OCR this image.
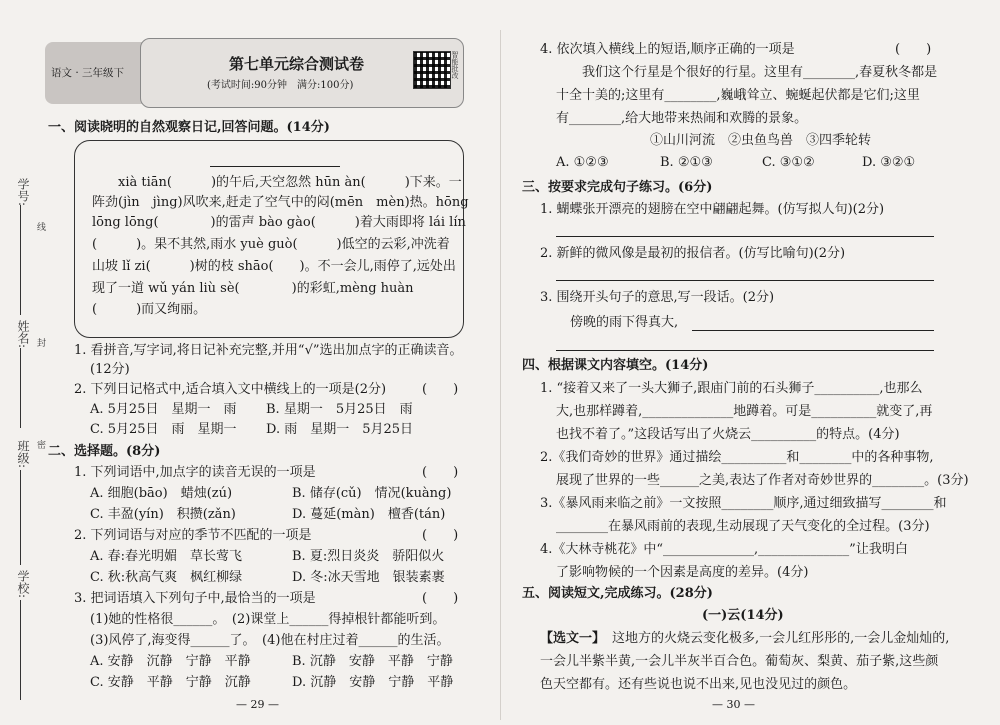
学号:
线
姓名: 封
班级: 密
学校:
语文 · 三年级下	第七单元综合测试卷
(考试时间:90分钟　满分:100分)
智能批改
一、阅读晓明的自然观察日记,回答问题。(14分)
　　xià tiān(　　　)的午后,天空忽然 hūn àn(　　　)下来。一
阵劲(jìn　jìng)风吹来,赶走了空气中的闷(mēn　mèn)热。hōng
lōng lōng(　　　　)的雷声 bào gào(　　　)着大雨即将 lái lín
(　　　)。果不其然,雨水 yuè guò(　　　)低空的云彩,冲洗着
山坡 lǐ zi(　　　)树的枝 shāo(　　)。不一会儿,雨停了,远处出
现了一道 wǔ yán liù sè(　　　　)的彩虹,mèng huàn
(　　　)而又绚丽。
1. 看拼音,写字词,将日记补充完整,并用“√”选出加点字的正确读音。
(12分)
2. 下列日记格式中,适合填入文中横线上的一项是(2分)	(　　)
A. 5月25日　星期一　雨 B. 星期一　5月25日　雨
C. 5月25日　雨　星期一 D. 雨　星期一　5月25日
二、选择题。(8分)
1. 下列词语中,加点字的读音无误的一项是	(　　)
A. 细胞(bāo)　蜡烛(zú)	B. 储存(cǔ)　情况(kuàng)
C. 丰盈(yín)　积攒(zǎn)	D. 蔓延(màn)　檀香(tán)
2. 下列词语与对应的季节不匹配的一项是	(　　)
A. 春:春光明媚　草长莺飞	B. 夏:烈日炎炎　骄阳似火
C. 秋:秋高气爽　枫红柳绿	D. 冬:冰天雪地　银装素裹
3. 把词语填入下列句子中,最恰当的一项是	(　　)
(1)她的性格很______。　(2)课堂上______得掉根针都能听到。
(3)风停了,海变得______了。　(4)他在村庄过着______的生活。
A. 安静　沉静　宁静　平静	B. 沉静　安静　平静　宁静
C. 安静　平静　宁静　沉静	D. 沉静　安静　宁静　平静
— 29 —
4. 依次填入横线上的短语,顺序正确的一项是	(　　)
　　我们这个行星是个很好的行星。这里有________,春夏秋冬都是
十全十美的;这里有________,巍峨耸立、蜿蜒起伏都是它们;这里
有________,给大地带来热闹和欢腾的景象。
①山川河流　②虫鱼鸟兽　③四季轮转
A. ①②③	B. ②①③	C. ③①②	D. ③②①
三、按要求完成句子练习。(6分)
1. 蝴蝶张开漂亮的翅膀在空中翩翩起舞。(仿写拟人句)(2分)
2. 新鲜的微风像是最初的报信者。(仿写比喻句)(2分)
3. 围绕开头句子的意思,写一段话。(2分)
傍晚的雨下得真大,
四、根据课文内容填空。(14分)
1. “接着又来了一头大狮子,跟庙门前的石头狮子__________,也那么
大,也那样蹲着,______________地蹲着。可是__________就变了,再
也找不着了。”这段话写出了火烧云__________的特点。(4分)
2.《我们奇妙的世界》通过描绘__________和________中的各种事物,
展现了世界的一些______之美,表达了作者对奇妙世界的________。(3分)
3.《暴风雨来临之前》一文按照________顺序,通过细致描写________和
________在暴风雨前的表现,生动展现了天气变化的全过程。(3分)
4.《大林寺桃花》中“______________,______________”让我明白
了影响物候的一个因素是高度的差异。(4分)
五、阅读短文,完成练习。(28分)
(一)云(14分)
【选文一】 这地方的火烧云变化极多,一会儿红彤彤的,一会儿金灿灿的,
一会儿半紫半黄,一会儿半灰半百合色。葡萄灰、梨黄、茄子紫,这些颜
色天空都有。还有些说也说不出来,见也没见过的颜色。
— 30 —
